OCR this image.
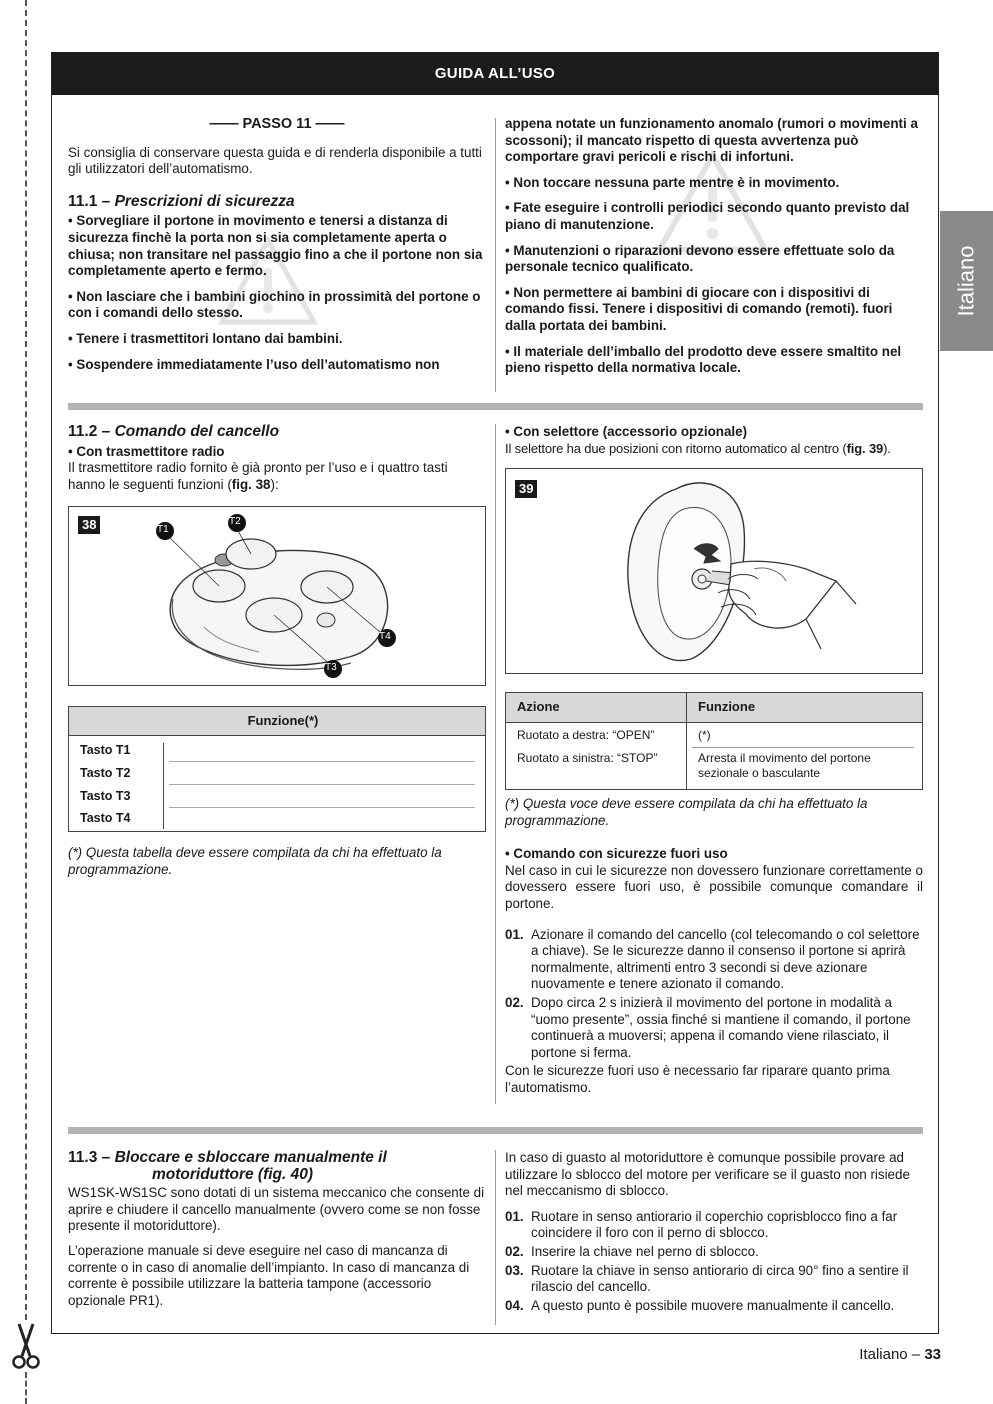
GUIDA ALL’USO
Italiano
—— PASSO 11 ——

Si consiglia di conservare questa guida e di renderla disponibile a tutti gli utilizzatori dell’automatismo.

11.1 – Prescrizioni di sicurezza

• Sorvegliare il portone in movimento e tenersi a distanza di sicurezza finchè la porta non si sia completamente aperta o chiusa; non transitare nel passaggio fino a che il portone non sia completamente aperto e fermo.

• Non lasciare che i bambini giochino in prossimità del portone o con i comandi dello stesso.

• Tenere i trasmettitori lontano dai bambini.

• Sospendere immediatamente l’uso dell’automatismo non

appena notate un funzionamento anomalo (rumori o movimenti a scossoni); il mancato rispetto di questa avvertenza può comportare gravi pericoli e rischi di infortuni.

• Non toccare nessuna parte mentre è in movimento.

• Fate eseguire i controlli periodici secondo quanto previsto dal piano di manutenzione.

• Manutenzioni o riparazioni devono essere effettuate solo da personale tecnico qualificato.

• Non permettere ai bambini di giocare con i dispositivi di comando fissi. Tenere i dispositivi di comando (remoti). fuori dalla portata dei bambini.

• Il materiale dell’imballo del prodotto deve essere smaltito nel pieno rispetto della normativa locale.

11.2 – Comando del cancello

• Con trasmettitore radio

Il trasmettitore radio fornito è già pronto per l’uso e i quattro tasti hanno le seguenti funzioni (fig. 38):

38	T1
T2
T4
T3
Funzione(*)
Tasto T1
Tasto T2
Tasto T3
Tasto T4

(*) Questa tabella deve essere compilata da chi ha effettuato la programmazione.

• Con selettore (accessorio opzionale)

Il selettore ha due posizioni con ritorno automatico al centro (fig. 39).

39
Azione	Funzione
Ruotato a destra: “OPEN”	(*)
Ruotato a sinistra: “STOP”	Arresta il movimento del portone sezionale o basculante

(*) Questa voce deve essere compilata da chi ha effettuato la programmazione.

• Comando con sicurezze fuori uso

Nel caso in cui le sicurezze non dovessero funzionare correttamente o dovessero essere fuori uso, è possibile comunque comandare il portone.

01. Azionare il comando del cancello (col telecomando o col selettore a chiave). Se le sicurezze danno il consenso il portone si aprirà normalmente, altrimenti entro 3 secondi si deve azionare nuovamente e tenere azionato il comando.

02. Dopo circa 2 s inizierà il movimento del portone in modalità a “uomo presente”, ossia finché si mantiene il comando, il portone continuerà a muoversi; appena il comando viene rilasciato, il portone si ferma.

Con le sicurezze fuori uso è necessario far riparare quanto prima l’automatismo.

11.3 – Bloccare e sbloccare manualmente il
motoriduttore (fig. 40)

WS1SK-WS1SC sono dotati di un sistema meccanico che consente di aprire e chiudere il cancello manualmente (ovvero come se non fosse presente il motoriduttore).

L’operazione manuale si deve eseguire nel caso di mancanza di corrente o in caso di anomalie dell’impianto. In caso di mancanza di corrente è possibile utilizzare la batteria tampone (accessorio opzionale PR1).

In caso di guasto al motoriduttore è comunque possibile provare ad utilizzare lo sblocco del motore per verificare se il guasto non risiede nel meccanismo di sblocco.

01. Ruotare in senso antiorario il coperchio coprisblocco fino a far coincidere il foro con il perno di sblocco.

02. Inserire la chiave nel perno di sblocco.

03. Ruotare la chiave in senso antiorario di circa 90° fino a sentire il rilascio del cancello.

04. A questo punto è possibile muovere manualmente il cancello.

Italiano – 33
